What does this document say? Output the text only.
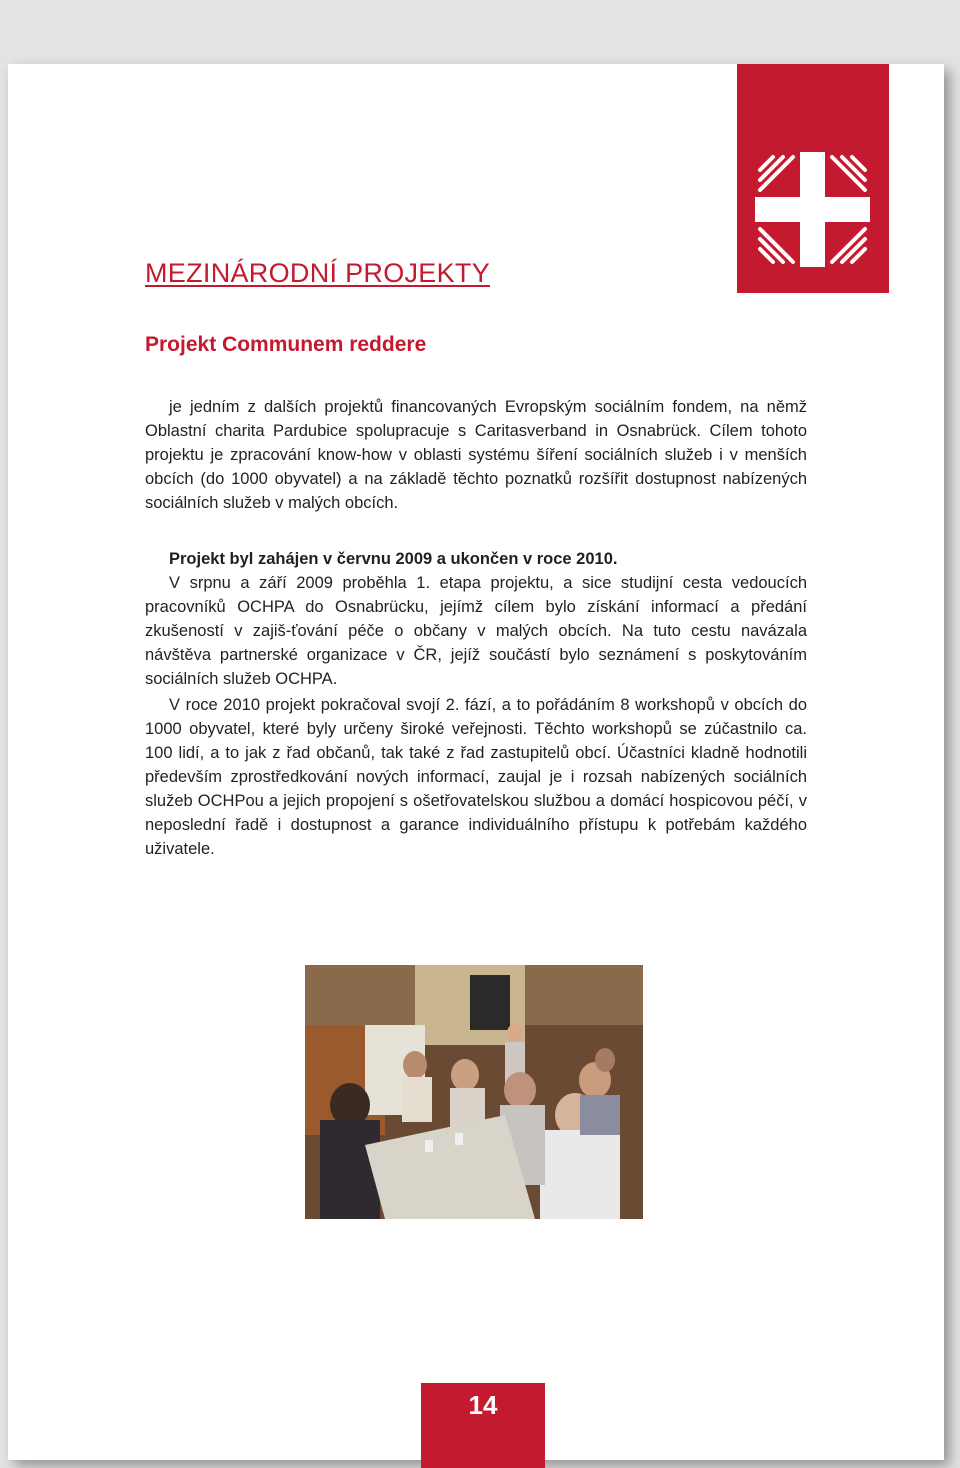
MEZINÁRODNÍ PROJEKTY
Projekt Communem reddere

je jedním z dalších projektů financovaných Evropským sociálním fondem, na němž Oblastní charita Pardubice spolupracuje s Caritasverband in Osnabrück. Cílem tohoto projektu je zpracování know-how v oblasti systému šíření sociálních služeb i v menších obcích (do 1000 obyvatel) a na základě těchto poznatků rozšířit dostupnost nabízených sociálních služeb v malých obcích.

Projekt byl zahájen v červnu 2009 a ukončen v roce 2010.

V srpnu a září 2009 proběhla 1. etapa projektu, a sice studijní cesta vedoucích pracovníků OCHPA do Osnabrücku, jejímž cílem bylo získání informací a předání zkušeností v zajiš-ťování péče o občany v malých obcích. Na tuto cestu navázala návštěva partnerské organizace v ČR, jejíž součástí bylo seznámení s poskytováním sociálních služeb OCHPA.

V roce 2010 projekt pokračoval svojí 2. fází, a to pořádáním 8 workshopů v obcích do 1000 obyvatel, které byly určeny široké veřejnosti. Těchto workshopů se zúčastnilo ca. 100 lidí, a to jak z řad občanů, tak také z řad zastupitelů obcí. Účastníci kladně hodnotili především zprostředkování nových informací, zaujal je i rozsah nabízených sociálních služeb OCHPou a jejich propojení s ošetřovatelskou službou a domácí hospicovou péčí, v neposlední řadě i dostupnost a garance individuálního přístupu k potřebám každého uživatele.

14
